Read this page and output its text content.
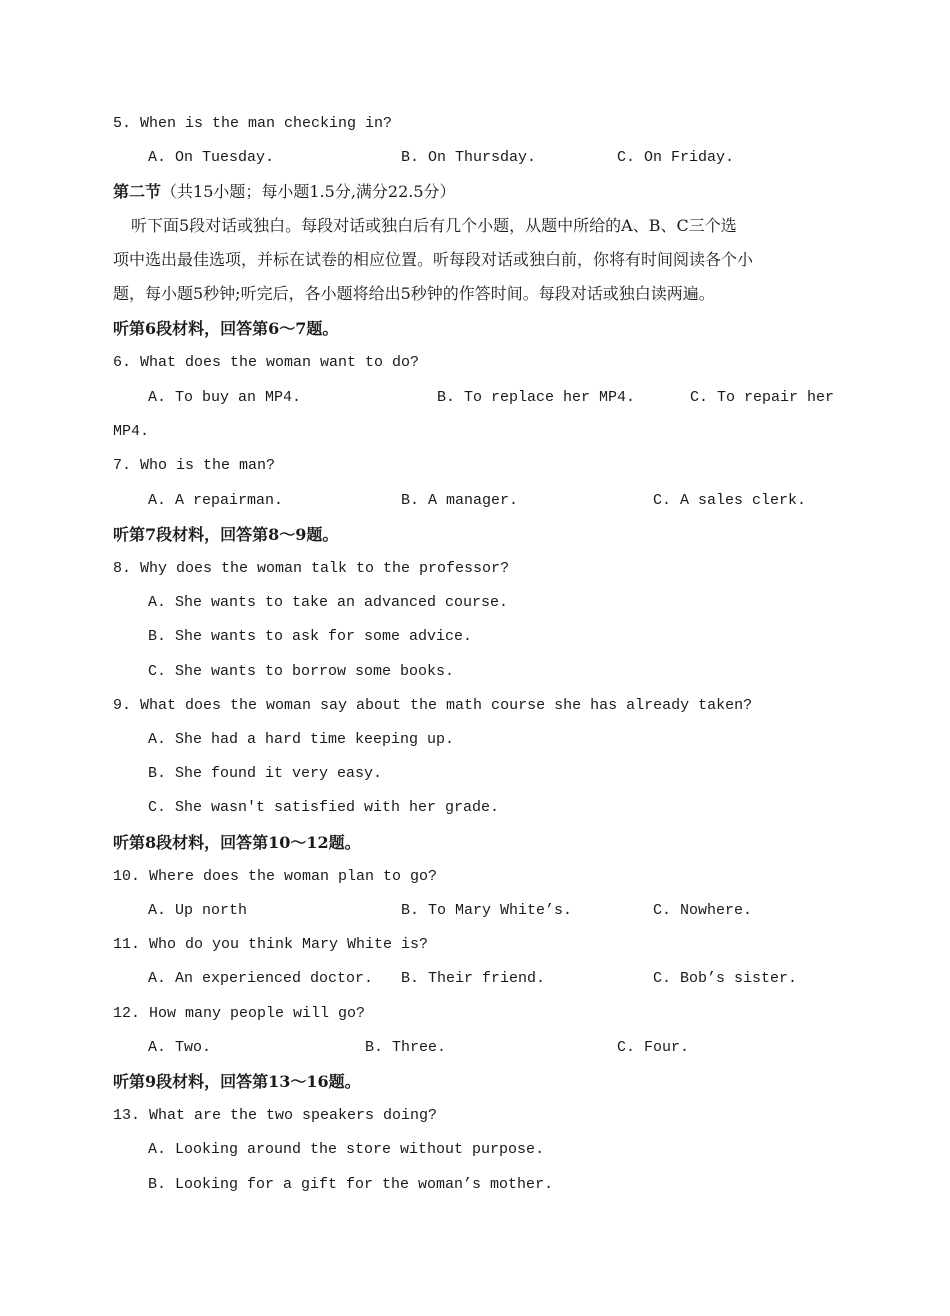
5. When is the man checking in?
A. On Tuesday.	B. On Thursday.	C. On Friday.
第二节（共15小题；每小题1.5分,满分22.5分）
听下面5段对话或独白。每段对话或独白后有几个小题，从题中所给的A、B、C三个选
项中选出最佳选项，并标在试卷的相应位置。听每段对话或独白前，你将有时间阅读各个小
题，每小题5秒钟;听完后，各小题将给出5秒钟的作答时间。每段对话或独白读两遍。
听第6段材料，回答第6～7题。
6. What does the woman want to do?
A. To buy an MP4.	B. To replace her MP4.	C. To repair her
MP4.
7. Who is the man?
A. A repairman.	B. A manager.	C. A sales clerk.
听第7段材料，回答第8～9题。
8. Why does the woman talk to the professor?
A. She wants to take an advanced course.
B. She wants to ask for some advice.
C. She wants to borrow some books.
9. What does the woman say about the math course she has already taken?
A. She had a hard time keeping up.
B. She found it very easy.
C. She wasn't satisfied with her grade.
听第8段材料，回答第10～12题。
10. Where does the woman plan to go?
A. Up north	B. To Mary White’s.	C. Nowhere.
11. Who do you think Mary White is?
A. An experienced doctor. B. Their friend.	C. Bob’s sister.
12. How many people will go?
A. Two.	B. Three.	C. Four.
听第9段材料，回答第13～16题。
13. What are the two speakers doing?
A. Looking around the store without purpose.
B. Looking for a gift for the woman’s mother.
